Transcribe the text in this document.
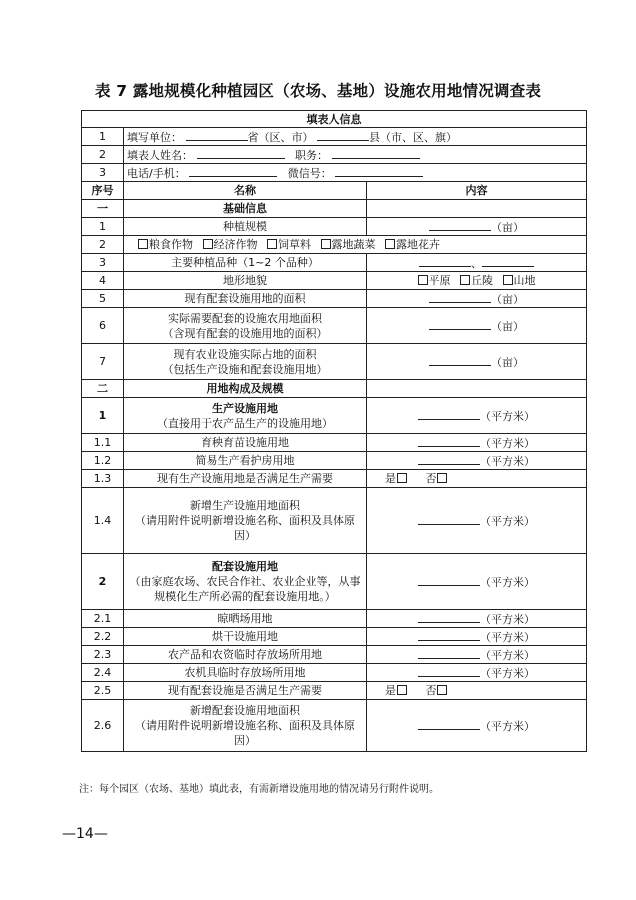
表 7 露地规模化种植园区（农场、基地）设施农用地情况调查表
填表人信息		
1	填写单位： 省（区、市） 县（市、区、旗）	
2	填表人姓名： 职务：	
3	电话/手机： 微信号：	
序号	名称	内容
一	基础信息	
1	种植规模	（亩）
2	粮食作物 经济作物 饲草料 露地蔬菜 露地花卉	
3	主要种植品种（1~2 个品种）	、
4	地形地貌	平原 丘陵 山地
5	现有配套设施用地的面积	（亩）
6	实际需要配套的设施农用地面积
（含现有配套的设施用地的面积）	（亩）
7	现有农业设施实际占地的面积
（包括生产设施和配套设施用地）	（亩）
二	用地构成及规模	
1	生产设施用地
（直接用于农产品生产的设施用地）	（平方米）
1.1	育秧育苗设施用地	（平方米）
1.2	简易生产看护房用地	（平方米）
1.3	现有生产设施用地是否满足生产需要	是 否
1.4	新增生产设施用地面积
（请用附件说明新增设施名称、面积及具体原因）	（平方米）
2	配套设施用地
（由家庭农场、农民合作社、农业企业等，从事规模化生产所必需的配套设施用地。）	（平方米）
2.1	晾晒场用地	（平方米）
2.2	烘干设施用地	（平方米）
2.3	农产品和农资临时存放场所用地	（平方米）
2.4	农机具临时存放场所用地	（平方米）
2.5	现有配套设施是否满足生产需要	是 否
2.6	新增配套设施用地面积
（请用附件说明新增设施名称、面积及具体原因）	（平方米）
注：每个园区（农场、基地）填此表，有需新增设施用地的情况请另行附件说明。
—14—
